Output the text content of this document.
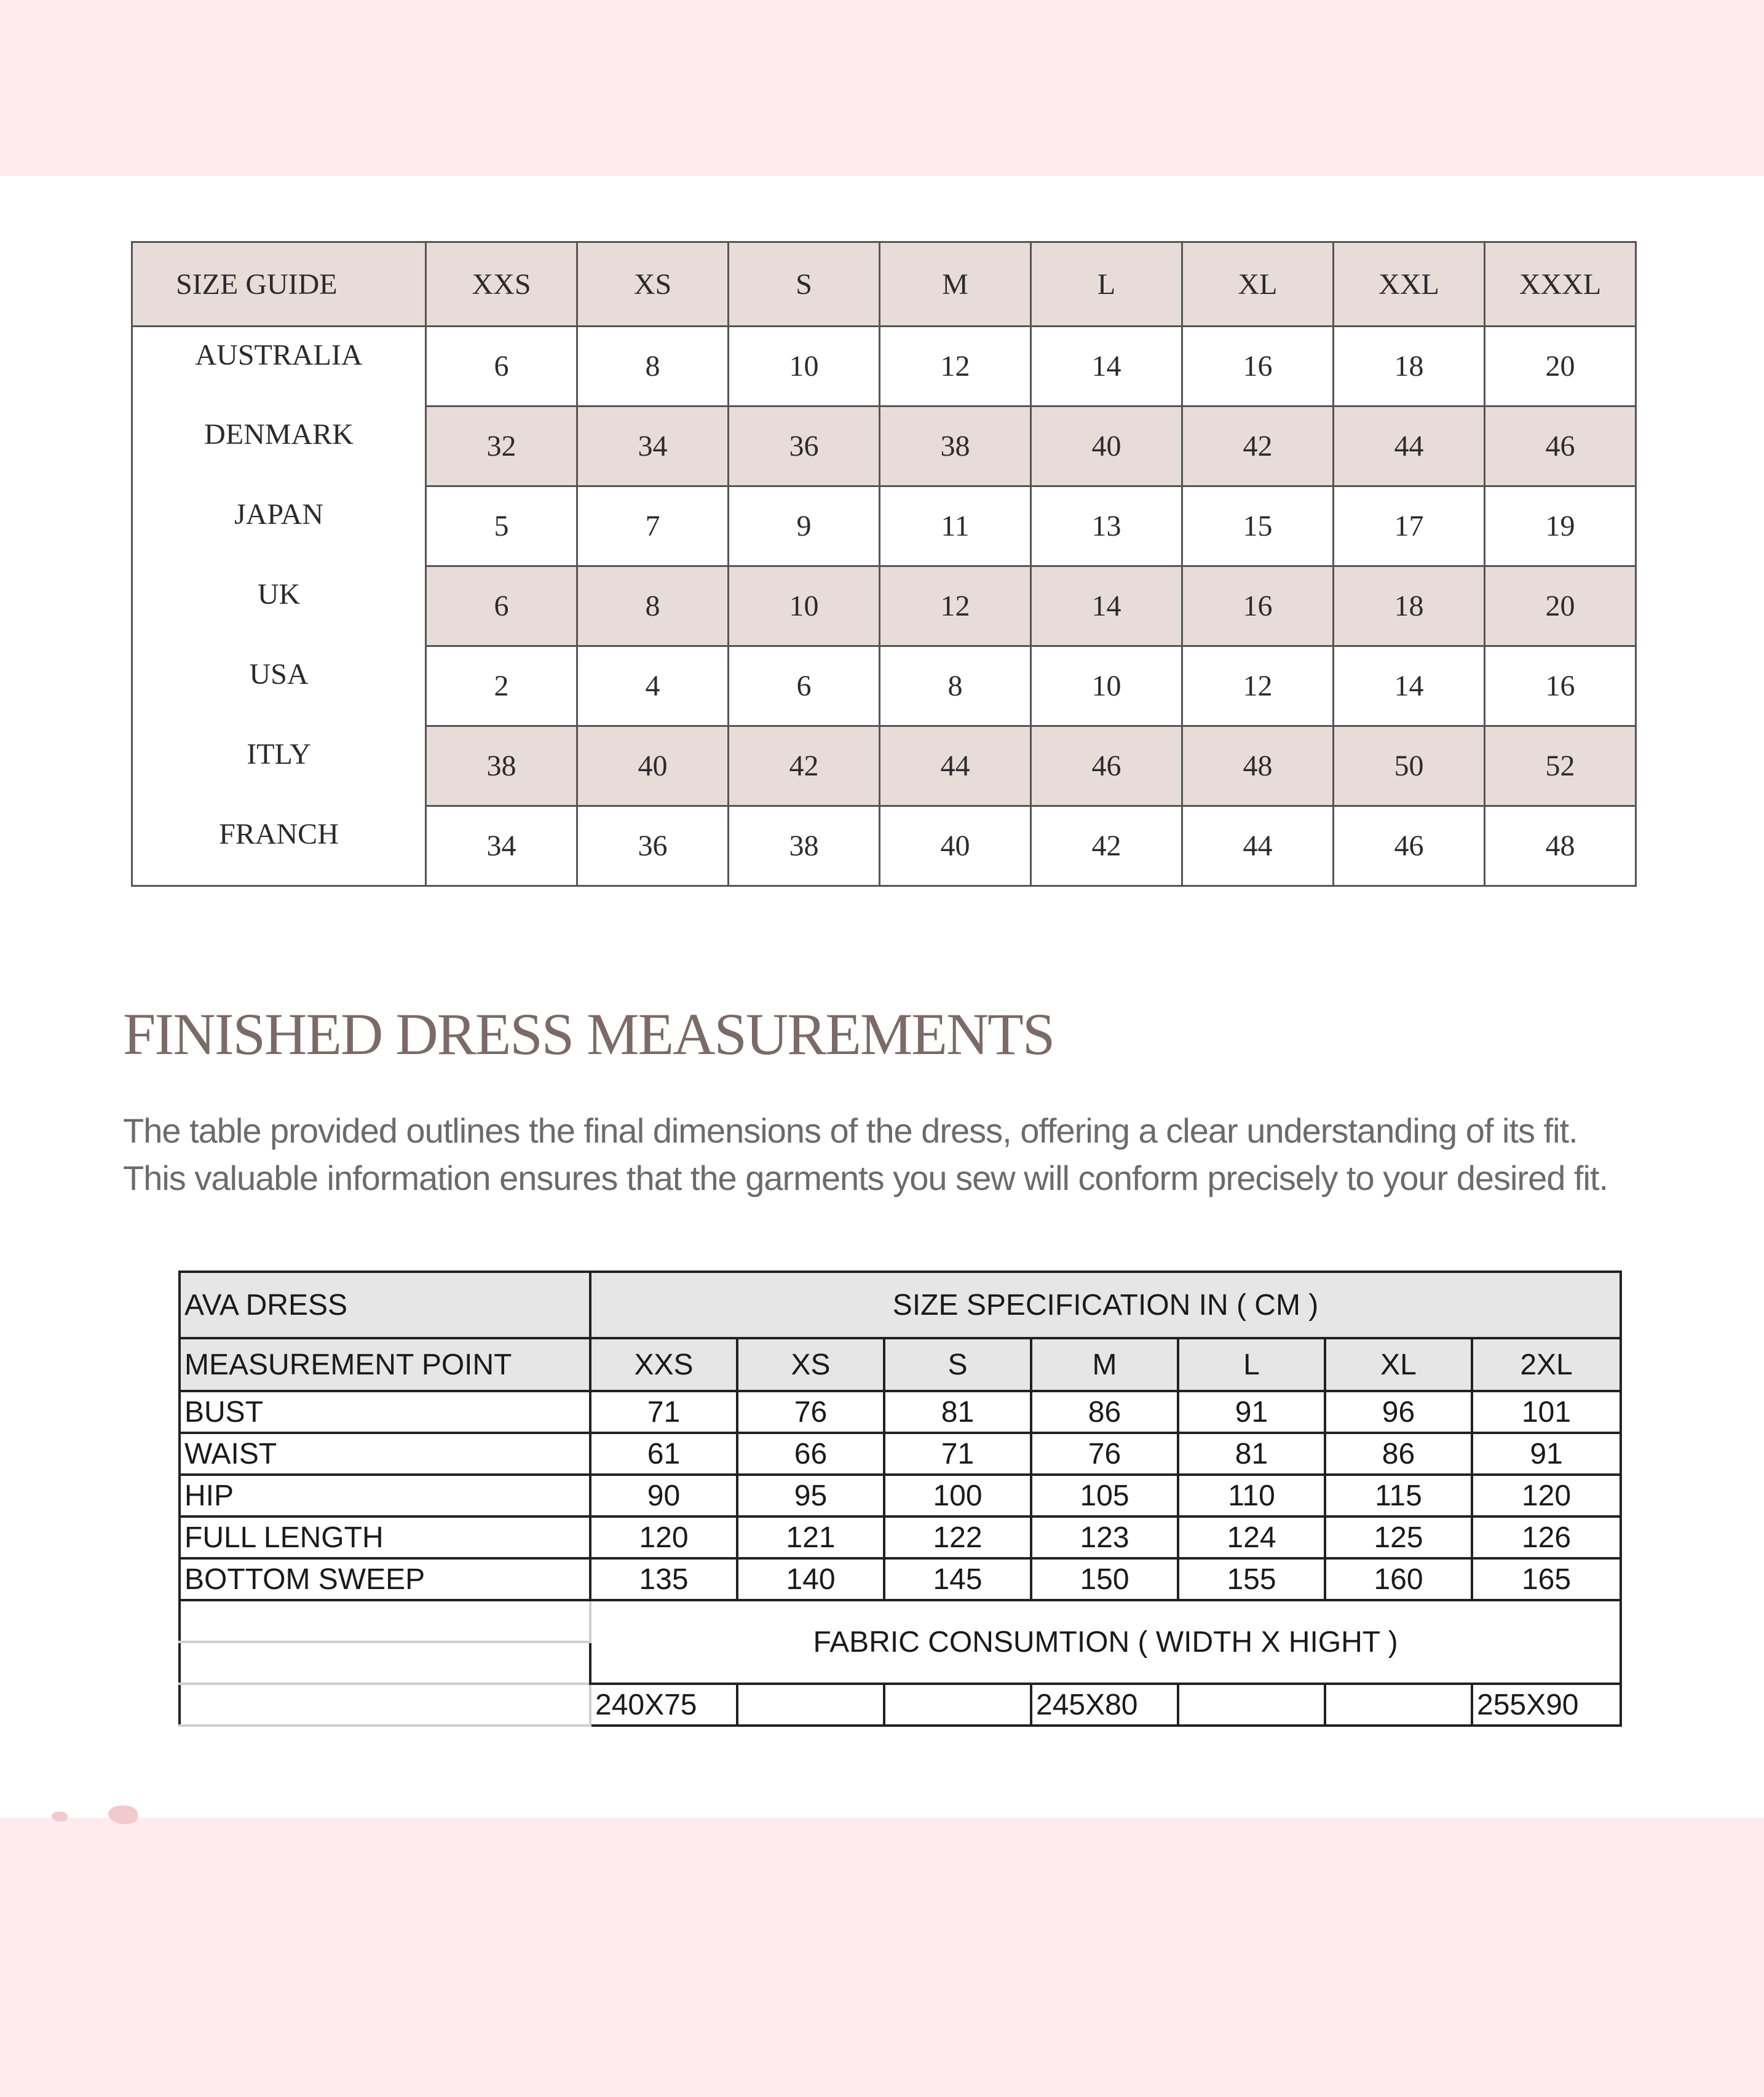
SIZE GUIDE	XXS	XS	S	M	L	XL	XXL	XXXL
AUSTRALIA	6	8	10	12	14	16	18	20
DENMARK	32	34	36	38	40	42	44	46
JAPAN	5	7	9	11	13	15	17	19
UK	6	8	10	12	14	16	18	20
USA	2	4	6	8	10	12	14	16
ITLY	38	40	42	44	46	48	50	52
FRANCH	34	36	38	40	42	44	46	48
FINISHED DRESS MEASUREMENTS

The table provided outlines the final dimensions of the dress, offering a clear understanding of its fit.
This valuable information ensures that the garments you sew will conform precisely to your desired fit.

AVA DRESS	SIZE SPECIFICATION IN ( CM )						
MEASUREMENT POINT	XXS	XS	S	M	L	XL	2XL
BUST	71	76	81	86	91	96	101
WAIST	61	66	71	76	81	86	91
HIP	90	95	100	105	110	115	120
FULL LENGTH	120	121	122	123	124	125	126
BOTTOM SWEEP	135	140	145	150	155	160	165
	FABRIC CONSUMTION ( WIDTH X HIGHT )						

	240X75			245X80			255X90
